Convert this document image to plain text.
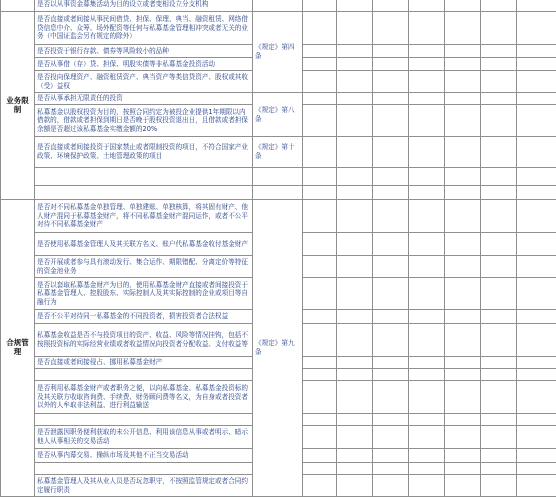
	是否以从事资金募集活动为目的设立或者变相设立分支机构								
业务限制	是否直接或者间接从事民间借贷、担保、保理、典当、融资租赁、网络借贷信息中介、众筹、场外配资等任何与私募基金管理相冲突或者无关的业务（中国证监会另有规定的除外）	《规定》第四条							
	是否投资于银行存款、债券等风险较小的品种								
	是否从事借（存）贷、担保、明股实债等非私募基金投资活动								
	是否投向保理资产、融资租赁资产、典当资产等类信贷资产、股权或其收（受）益权								
	是否从事承担无限责任的投资	《规定》第八条							
	私募基金以股权投资为目的，按照合同约定为被投企业提供1年期限以内借款的，借款或者担保到期日是否晚于股权投资退出日，且借款或者担保余额是否超过该私募基金实缴金额的20%								
	是否直接或者间接投资于国家禁止或者限制投资的项目，不符合国家产业政策、环境保护政策、土地管理政策的项目	《规定》第十条							

合规管理	是否对不同私募基金单独管理、单独建账、单独核算，将其固有财产、他人财产混同于私募基金财产，将不同私募基金财产混同运作，或者不公平对待不同私募基金财产	《规定》第九条							
	是否使用私募基金管理人及其关联方名义、账户代私募基金收付基金财产								
	是否开展或者参与具有滚动发行、集合运作、期限错配、分离定价等特征的资金池业务								
	是否以套取私募基金财产为目的，使用私募基金财产直接或者间接投资于私募基金管理人、控股股东、实际控制人及其实际控制的企业或项目等自融行为								
	是否不公平对待同一私募基金的不同投资者，损害投资者合法权益								
	私募基金收益是否不与投资项目的资产、收益、风险等情况挂钩，包括不按照投资标的实际经营业绩或者收益情况向投资者分配收益、支付收益等								
	是否直接或者间接侵占、挪用私募基金财产								

	是否利用私募基金财产或者职务之便，以向私募基金、私募基金投资标的及其关联方收取咨询费、手续费、财务顾问费等名义，为自身或者投资者以外的人牟取非法利益、进行利益输送								

	是否泄露因职务便利获取的未公开信息、利用该信息从事或者明示、暗示他人从事相关的交易活动								
	是否从事内幕交易、操纵市场及其他不正当交易活动								

	私募基金管理人及其从业人员是否玩忽职守，不按照监管规定或者合同约定履行职责								
